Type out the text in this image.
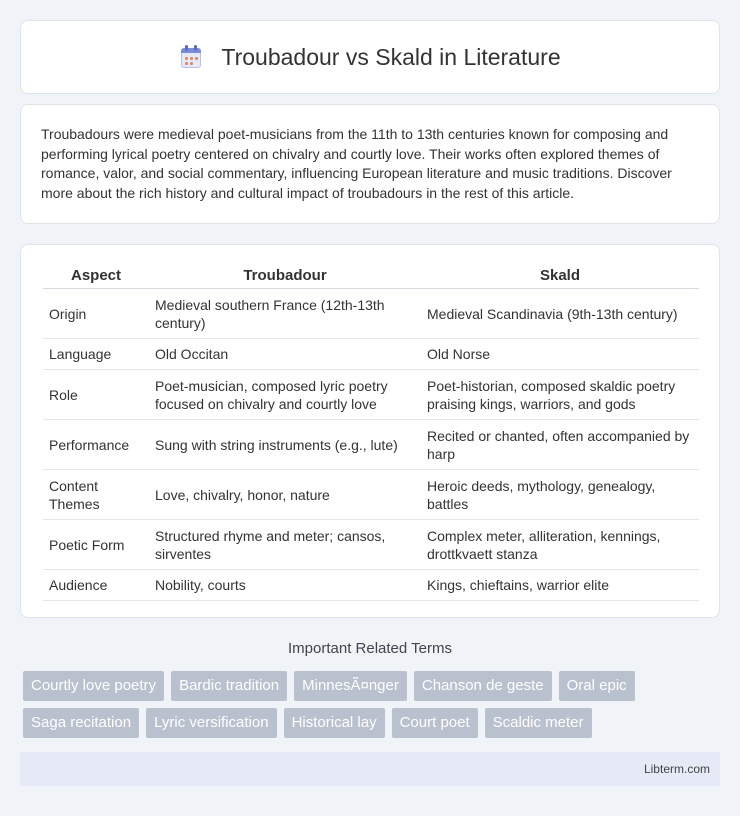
Troubadour vs Skald in Literature

Troubadours were medieval poet-musicians from the 11th to 13th centuries known for composing and performing lyrical poetry centered on chivalry and courtly love. Their works often explored themes of romance, valor, and social commentary, influencing European literature and music traditions. Discover more about the rich history and cultural impact of troubadours in the rest of this article.

Aspect	Troubadour	Skald
Origin	Medieval southern France (12th-13th century)	Medieval Scandinavia (9th-13th century)
Language	Old Occitan	Old Norse
Role	Poet-musician, composed lyric poetry focused on chivalry and courtly love	Poet-historian, composed skaldic poetry praising kings, warriors, and gods
Performance	Sung with string instruments (e.g., lute)	Recited or chanted, often accompanied by harp
Content Themes	Love, chivalry, honor, nature	Heroic deeds, mythology, genealogy, battles
Poetic Form	Structured rhyme and meter; cansos, sirventes	Complex meter, alliteration, kennings, drottkvaett stanza
Audience	Nobility, courts	Kings, chieftains, warrior elite
Important Related Terms
Courtly love poetry	Bardic tradition	MinnesÃ¤nger	Chanson de geste	Oral epic
Saga recitation	Lyric versification	Historical lay	Court poet	Scaldic meter
Libterm.com
